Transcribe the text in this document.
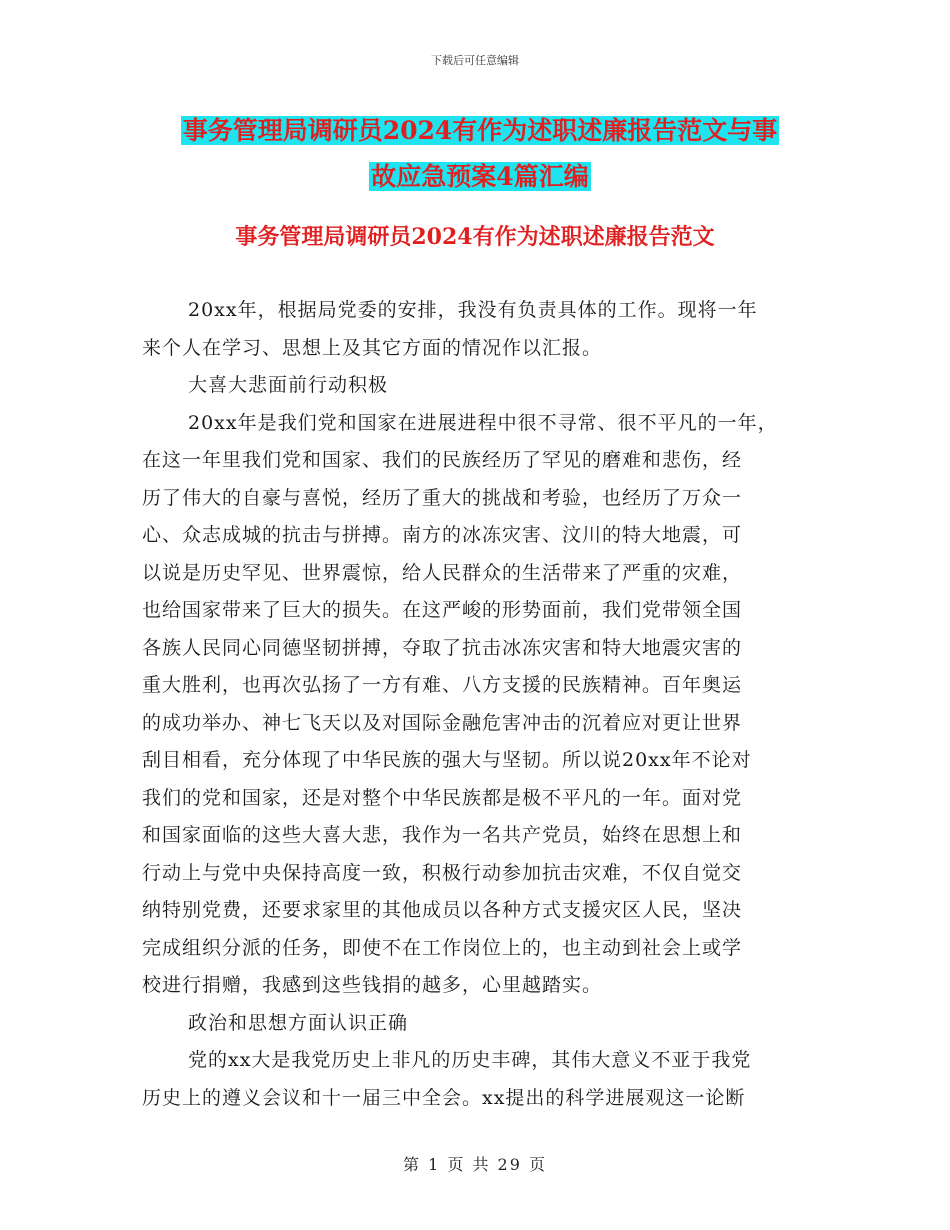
下载后可任意编辑
事务管理局调研员2024有作为述职述廉报告范文与事
故应急预案4篇汇编
事务管理局调研员2024有作为述职述廉报告范文
20xx年，根据局党委的安排，我没有负责具体的工作。现将一年
来个人在学习、思想上及其它方面的情况作以汇报。
大喜大悲面前行动积极
20xx年是我们党和国家在进展进程中很不寻常、很不平凡的一年，
在这一年里我们党和国家、我们的民族经历了罕见的磨难和悲伤，经
历了伟大的自豪与喜悦，经历了重大的挑战和考验，也经历了万众一
心、众志成城的抗击与拼搏。南方的冰冻灾害、汶川的特大地震，可
以说是历史罕见、世界震惊，给人民群众的生活带来了严重的灾难，
也给国家带来了巨大的损失。在这严峻的形势面前，我们党带领全国
各族人民同心同德坚韧拼搏，夺取了抗击冰冻灾害和特大地震灾害的
重大胜利，也再次弘扬了一方有难、八方支援的民族精神。百年奥运
的成功举办、神七飞天以及对国际金融危害冲击的沉着应对更让世界
刮目相看，充分体现了中华民族的强大与坚韧。所以说20xx年不论对
我们的党和国家，还是对整个中华民族都是极不平凡的一年。面对党
和国家面临的这些大喜大悲，我作为一名共产党员，始终在思想上和
行动上与党中央保持高度一致，积极行动参加抗击灾难，不仅自觉交
纳特别党费，还要求家里的其他成员以各种方式支援灾区人民，坚决
完成组织分派的任务，即使不在工作岗位上的，也主动到社会上或学
校进行捐赠，我感到这些钱捐的越多，心里越踏实。
政治和思想方面认识正确
党的xx大是我党历史上非凡的历史丰碑，其伟大意义不亚于我党
历史上的遵义会议和十一届三中全会。xx提出的科学进展观这一论断
第 1 页 共 29 页
